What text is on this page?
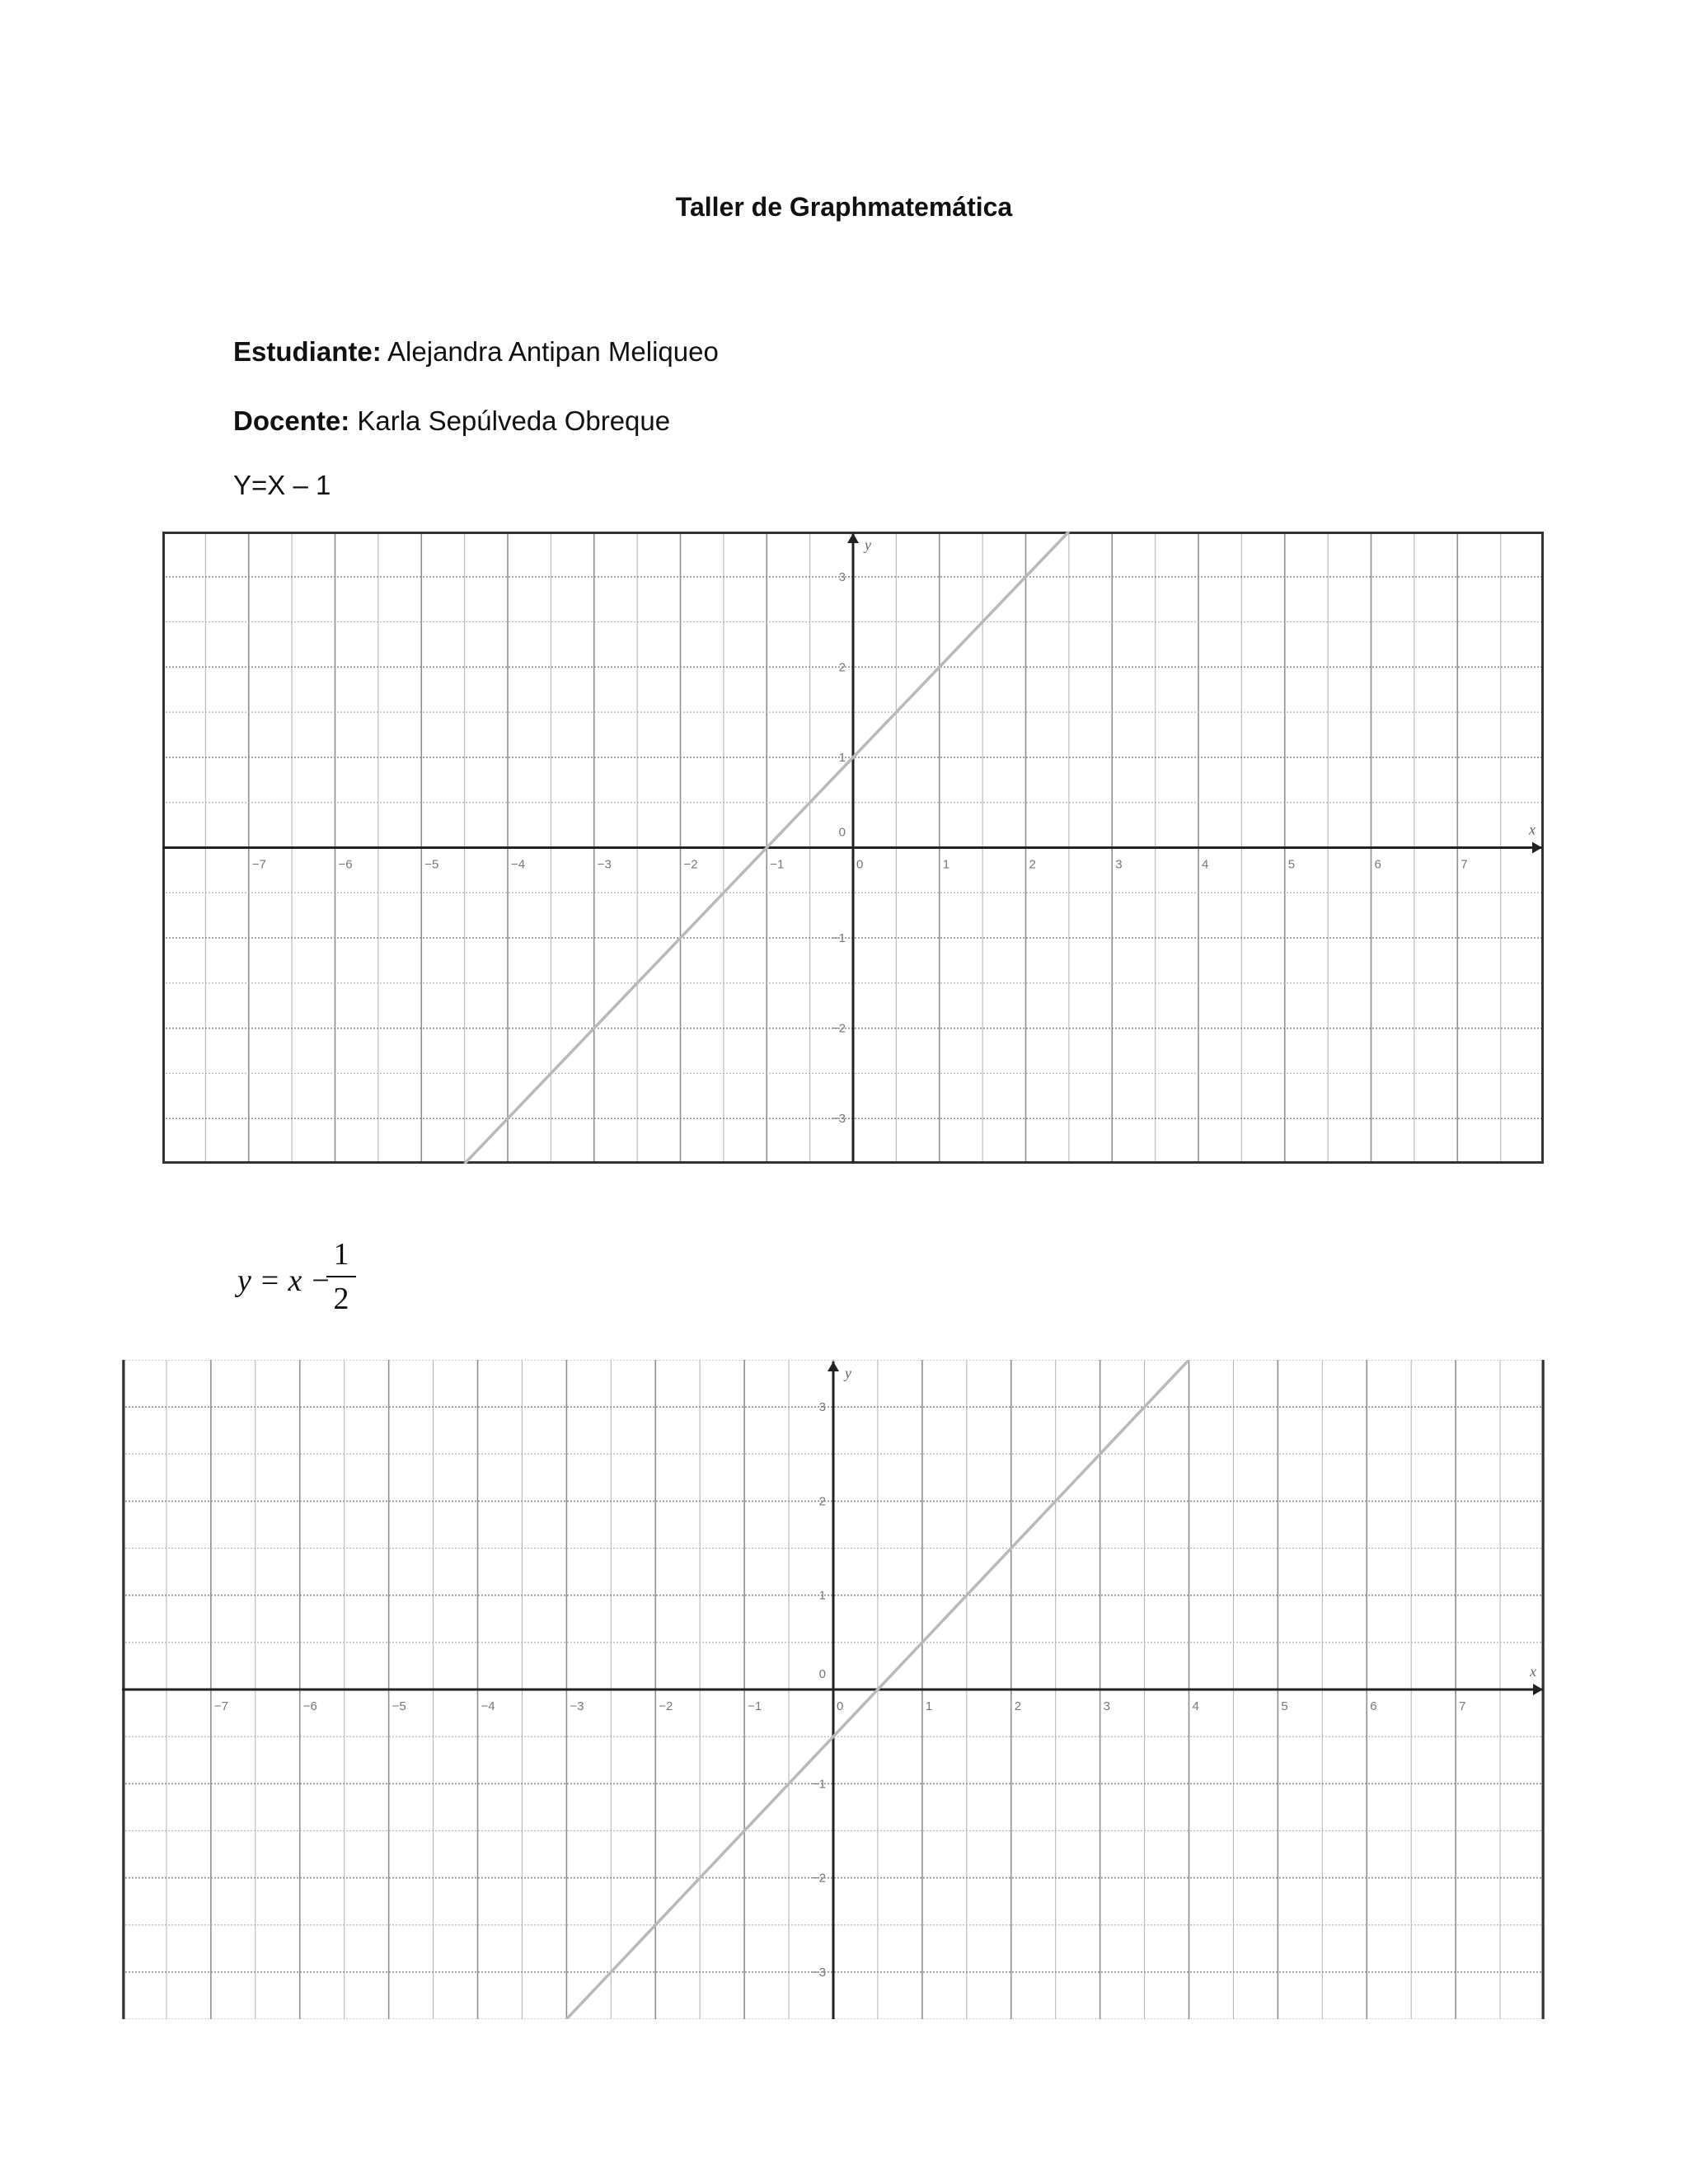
Taller de Graphmatemática
Estudiante: Alejandra Antipan Meliqueo
Docente: Karla Sepúlveda Obreque
Y=X – 1
x
y
−7	−6	−5	−4	−3	−2	−1	0	1	2	3	4	5	6	7
−3
−2
−1
1
2
3
0
y = x −
1
2
x
y
−7	−6	−5	−4	−3	−2	−1	0	1	2	3	4	5	6	7
−3
−2
−1
1
2
3
0
